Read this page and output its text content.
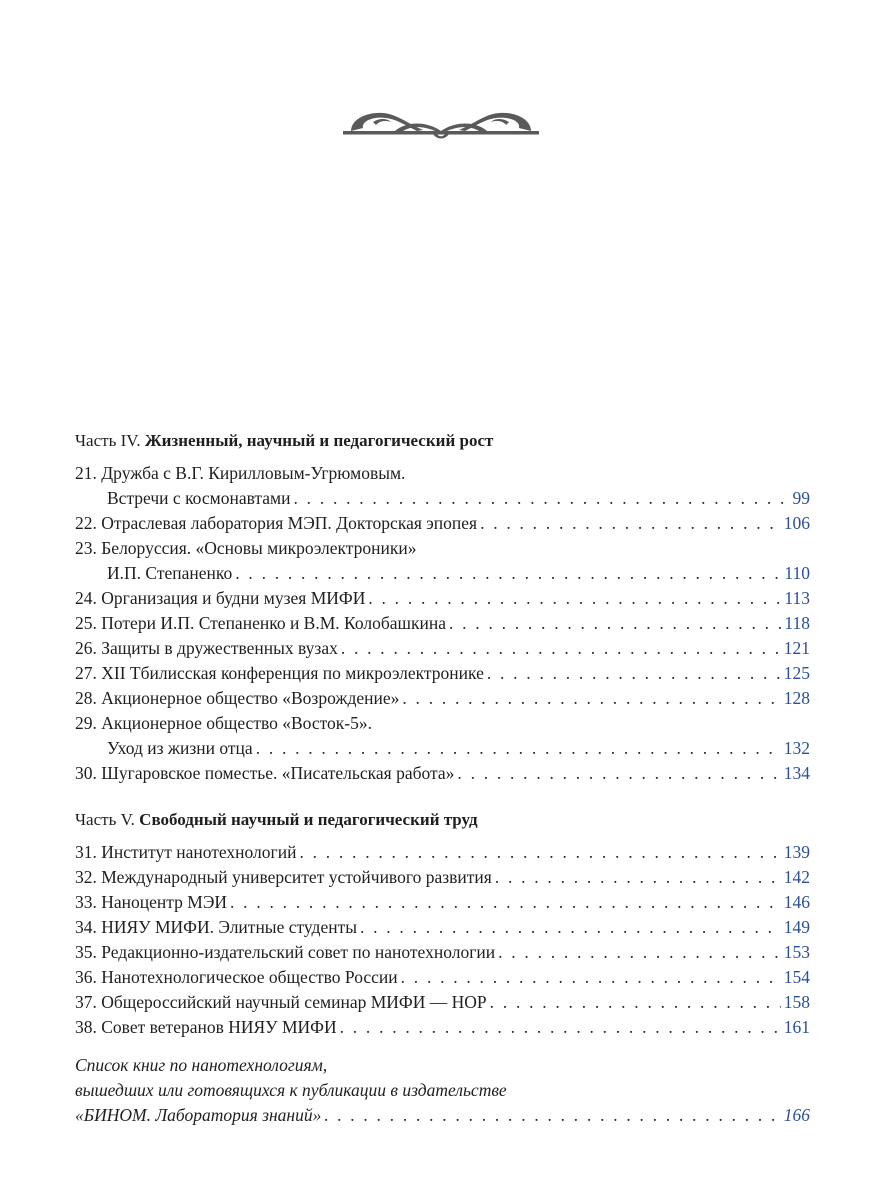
Часть IV. Жизненный, научный и педагогический рост
21. Дружба с В.Г. Кирилловым-Угрюмовым.
Встречи с космонавтами . . .	99
22. Отраслевая лаборатория МЭП. Докторская эпопея . . .	106
23. Белоруссия. «Основы микроэлектроники»
И.П. Степаненко . . .	110
24. Организация и будни музея МИФИ . . .	113
25. Потери И.П. Степаненко и В.М. Колобашкина . . .	118
26. Защиты в дружественных вузах . . .	121
27. XII Тбилисская конференция по микроэлектронике . . .	125
28. Акционерное общество «Возрождение» . . .	128
29. Акционерное общество «Восток-5».
Уход из жизни отца . . .	132
30. Шугаровское поместье. «Писательская работа» . . .	134
Часть V. Свободный научный и педагогический труд
31. Институт нанотехнологий . . .	139
32. Международный университет устойчивого развития . . .	142
33. Наноцентр МЭИ . . .	146
34. НИЯУ МИФИ. Элитные студенты . . .	149
35. Редакционно-издательский совет по нанотехнологии . . .	153
36. Нанотехнологическое общество России . . .	154
37. Общероссийский научный семинар МИФИ — НОР . . .	158
38. Совет ветеранов НИЯУ МИФИ . . .	161
Список книг по нанотехнологиям,
вышедших или готовящихся к публикации в издательстве
«БИНОМ. Лаборатория знаний» . . .	166
